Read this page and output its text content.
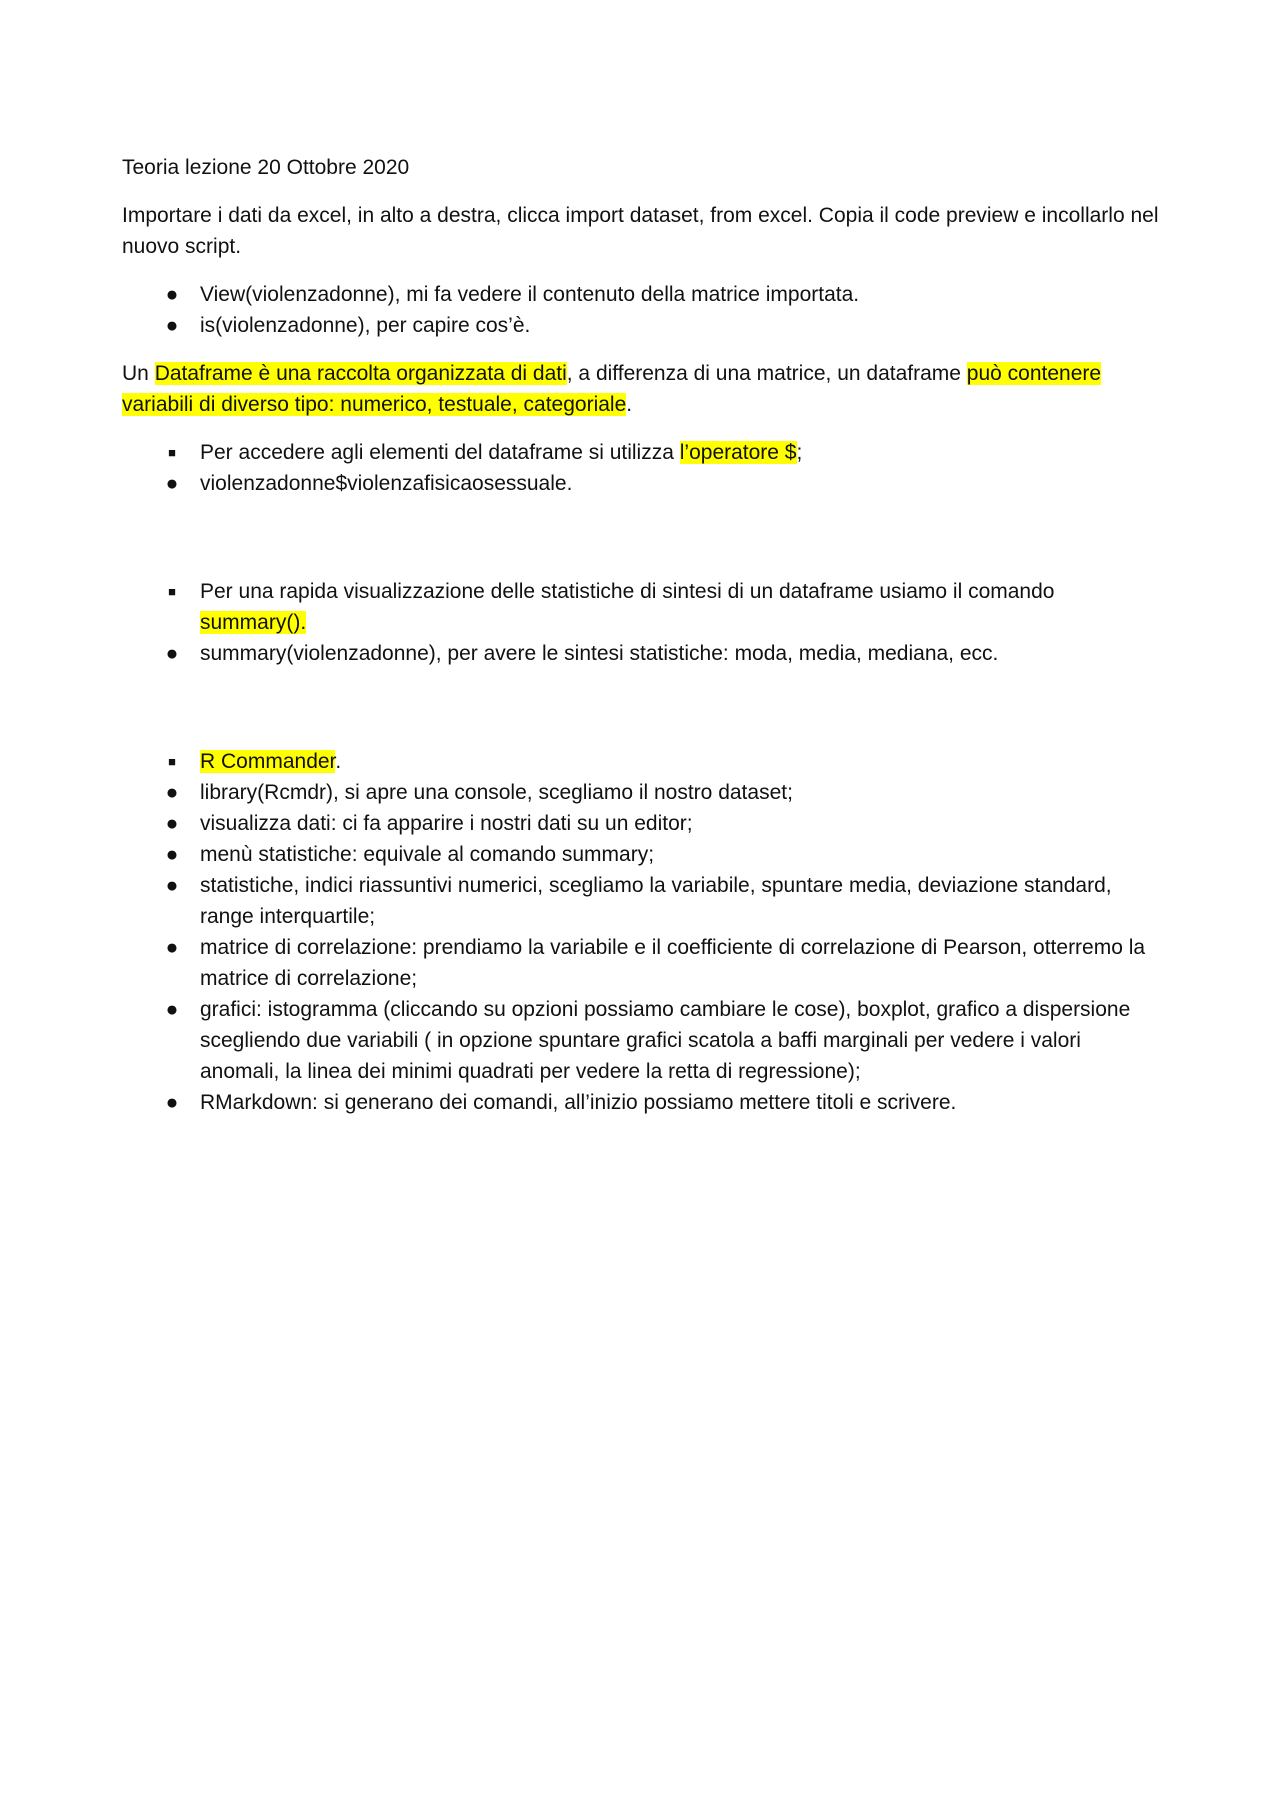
Teoria lezione 20 Ottobre 2020

Importare i dati da excel, in alto a destra, clicca import dataset, from excel. Copia il code preview e incollarlo nel nuovo script.

● View(violenzadonne), mi fa vedere il contenuto della matrice importata.
● is(violenzadonne), per capire cos’è.

Un Dataframe è una raccolta organizzata di dati, a differenza di una matrice, un dataframe può contenere variabili di diverso tipo: numerico, testuale, categoriale.

■ Per accedere agli elementi del dataframe si utilizza l’operatore $;
● violenzadonne$violenzafisicaosessuale.
■ Per una rapida visualizzazione delle statistiche di sintesi di un dataframe usiamo il comando summary().
● summary(violenzadonne), per avere le sintesi statistiche: moda, media, mediana, ecc.
■ R Commander.
● library(Rcmdr), si apre una console, scegliamo il nostro dataset;
● visualizza dati: ci fa apparire i nostri dati su un editor;
● menù statistiche: equivale al comando summary;
● statistiche, indici riassuntivi numerici, scegliamo la variabile, spuntare media, deviazione standard, range interquartile;
● matrice di correlazione: prendiamo la variabile e il coefficiente di correlazione di Pearson, otterremo la matrice di correlazione;
● grafici: istogramma (cliccando su opzioni possiamo cambiare le cose), boxplot, grafico a dispersione scegliendo due variabili ( in opzione spuntare grafici scatola a baffi marginali per vedere i valori anomali, la linea dei minimi quadrati per vedere la retta di regressione);
● RMarkdown: si generano dei comandi, all’inizio possiamo mettere titoli e scrivere.
